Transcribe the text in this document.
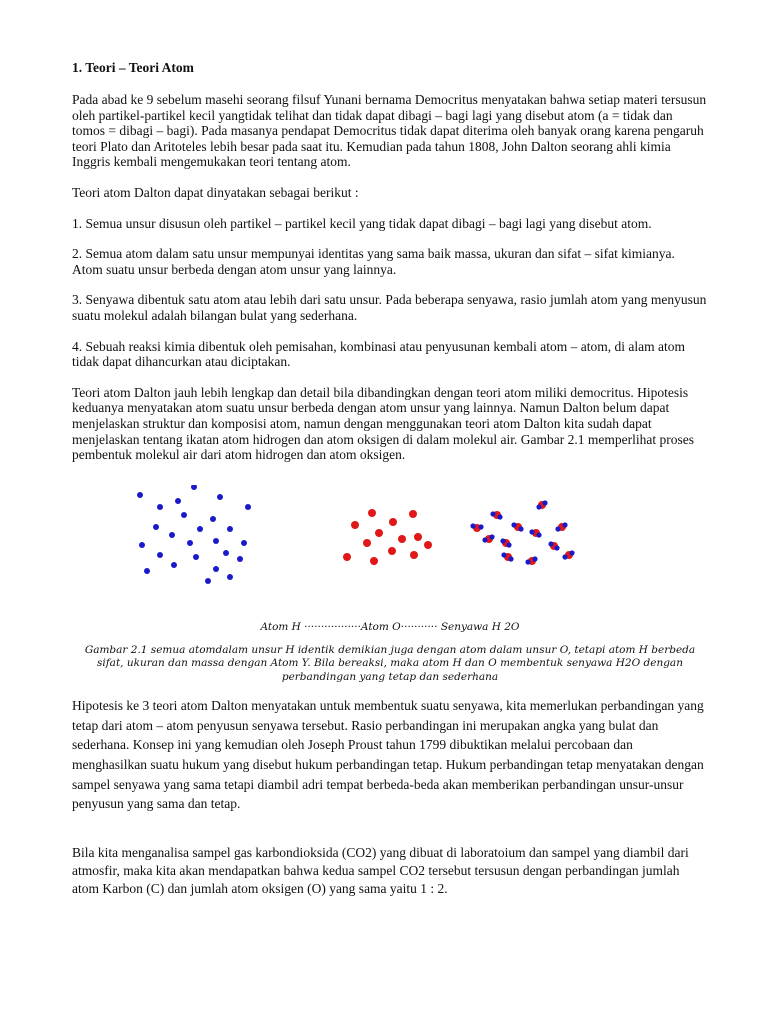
1. Teori – Teori Atom

Pada abad ke 9 sebelum masehi seorang filsuf Yunani bernama Democritus menyatakan bahwa setiap materi tersusun oleh partikel-partikel kecil yangtidak telihat dan tidak dapat dibagi – bagi lagi yang disebut atom (a = tidak dan tomos = dibagi – bagi). Pada masanya pendapat Democritus tidak dapat diterima oleh banyak orang karena pengaruh teori Plato dan Aritoteles lebih besar pada saat itu. Kemudian pada tahun 1808, John Dalton seorang ahli kimia Inggris kembali mengemukakan teori tentang atom.

Teori atom Dalton dapat dinyatakan sebagai berikut :

1. Semua unsur disusun oleh partikel – partikel kecil yang tidak dapat dibagi – bagi lagi yang disebut atom.

2. Semua atom dalam satu unsur mempunyai identitas yang sama baik massa, ukuran dan sifat – sifat kimianya. Atom suatu unsur berbeda dengan atom unsur yang lainnya.

3. Senyawa dibentuk satu atom atau lebih dari satu unsur. Pada beberapa senyawa, rasio jumlah atom yang menyusun suatu molekul adalah bilangan bulat yang sederhana.

4. Sebuah reaksi kimia dibentuk oleh pemisahan, kombinasi atau penyusunan kembali atom – atom, di alam atom tidak dapat dihancurkan atau diciptakan.

Teori atom Dalton jauh lebih lengkap dan detail bila dibandingkan dengan teori atom miliki democritus. Hipotesis keduanya menyatakan atom suatu unsur berbeda dengan atom unsur yang lainnya. Namun Dalton belum dapat menjelaskan struktur dan komposisi atom, namun dengan menggunakan teori atom Dalton kita sudah dapat menjelaskan tentang ikatan atom hidrogen dan atom oksigen di dalam molekul air. Gambar 2.1 memperlihat proses pembentuk molekul air dari atom hidrogen dan atom oksigen.

Atom H ·················Atom O··········· Senyawa H 2O
Gambar 2.1 semua atomdalam unsur H identik demikian juga dengan atom dalam unsur O, tetapi atom H berbeda sifat, ukuran dan massa dengan Atom Y. Bila bereaksi, maka atom H dan O membentuk senyawa H2O dengan perbandingan yang tetap dan sederhana

Hipotesis ke 3 teori atom Dalton menyatakan untuk membentuk suatu senyawa, kita memerlukan perbandingan yang tetap dari atom – atom penyusun senyawa tersebut. Rasio perbandingan ini merupakan angka yang bulat dan sederhana. Konsep ini yang kemudian oleh Joseph Proust tahun 1799 dibuktikan melalui percobaan dan menghasilkan suatu hukum yang disebut hukum perbandingan tetap. Hukum perbandingan tetap menyatakan dengan sampel senyawa yang sama tetapi diambil adri tempat berbeda-beda akan memberikan perbandingan unsur-unsur penyusun yang sama dan tetap.

Bila kita menganalisa sampel gas karbondioksida (CO2) yang dibuat di laboratoium dan sampel yang diambil dari atmosfir, maka kita akan mendapatkan bahwa kedua sampel CO2 tersebut tersusun dengan perbandingan jumlah atom Karbon (C) dan jumlah atom oksigen (O) yang sama yaitu 1 : 2.
